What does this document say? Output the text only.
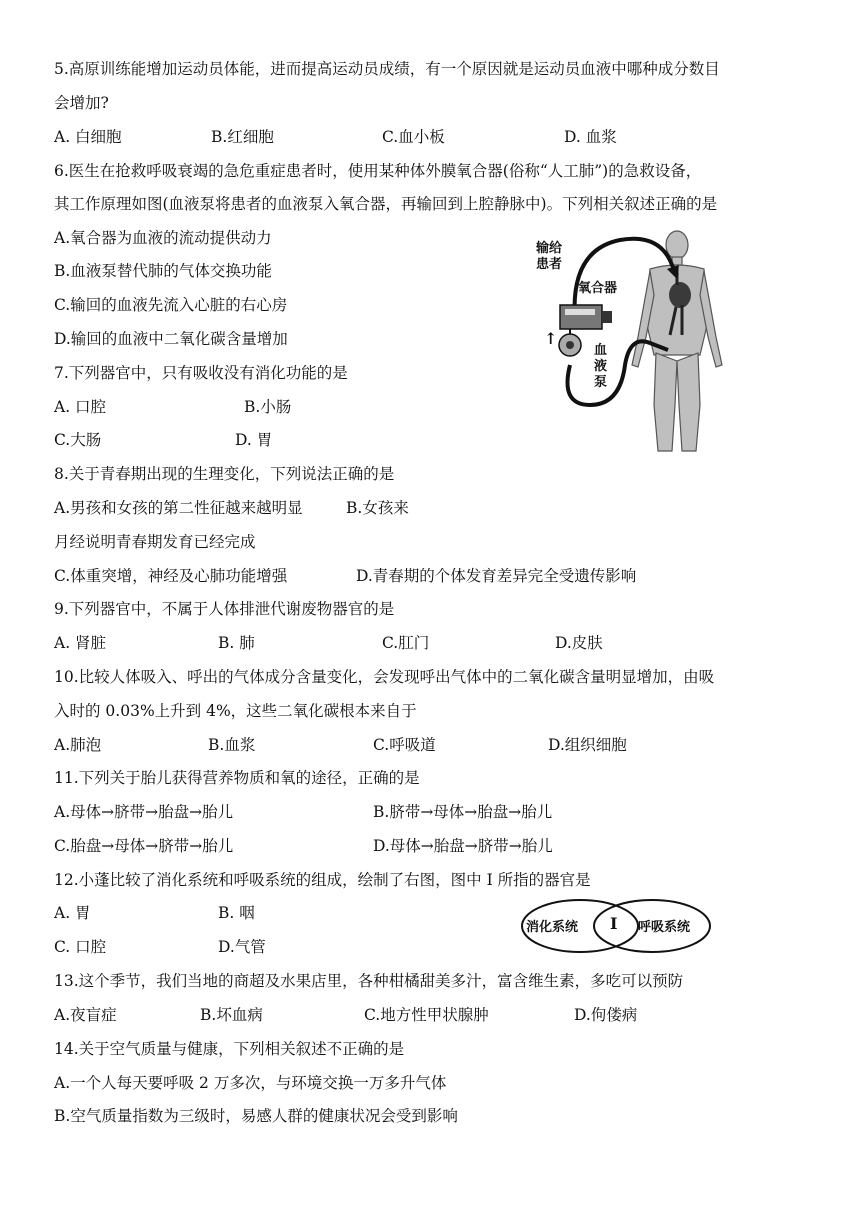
5.高原训练能增加运动员体能，进而提高运动员成绩，有一个原因就是运动员血液中哪种成分数目
会增加?
A. 白细胞	B.红细胞	C.血小板	D. 血浆
6.医生在抢救呼吸衰竭的急危重症患者时，使用某种体外膜氧合器(俗称“人工肺”)的急救设备，
其工作原理如图(血液泵将患者的血液泵入氧合器，再输回到上腔静脉中)。下列相关叙述正确的是
A.氧合器为血液的流动提供动力
B.血液泵替代肺的气体交换功能
C.输回的血液先流入心脏的右心房
D.输回的血液中二氧化碳含量增加
输给
患者
氧合器
↑
血
液
泵
7.下列器官中，只有吸收没有消化功能的是
A. 口腔	B.小肠
C.大肠	D. 胃
8.关于青春期出现的生理变化，下列说法正确的是
A.男孩和女孩的第二性征越来越明显	B.女孩来
月经说明青春期发育已经完成
C.体重突增，神经及心肺功能增强	D.青春期的个体发育差异完全受遗传影响
9.下列器官中，不属于人体排泄代谢废物器官的是
A. 肾脏	B. 肺	C.肛门	D.皮肤
10.比较人体吸入、呼出的气体成分含量变化，会发现呼出气体中的二氧化碳含量明显增加，由吸
入时的 0.03%上升到 4%，这些二氧化碳根本来自于
A.肺泡	B.血浆	C.呼吸道	D.组织细胞
11.下列关于胎儿获得营养物质和氧的途径，正确的是
A.母体→脐带→胎盘→胎儿	B.脐带→母体→胎盘→胎儿
C.胎盘→母体→脐带→胎儿	D.母体→胎盘→脐带→胎儿
12.小蓬比较了消化系统和呼吸系统的组成，绘制了右图，图中 I 所指的器官是
A. 胃	B. 咽
C. 口腔	D.气管
消化系统 I 呼吸系统
13.这个季节，我们当地的商超及水果店里，各种柑橘甜美多汁，富含维生素，多吃可以预防
A.夜盲症	B.坏血病	C.地方性甲状腺肿	D.佝偻病
14.关于空气质量与健康，下列相关叙述不正确的是
A.一个人每天要呼吸 2 万多次，与环境交换一万多升气体
B.空气质量指数为三级时，易感人群的健康状况会受到影响
